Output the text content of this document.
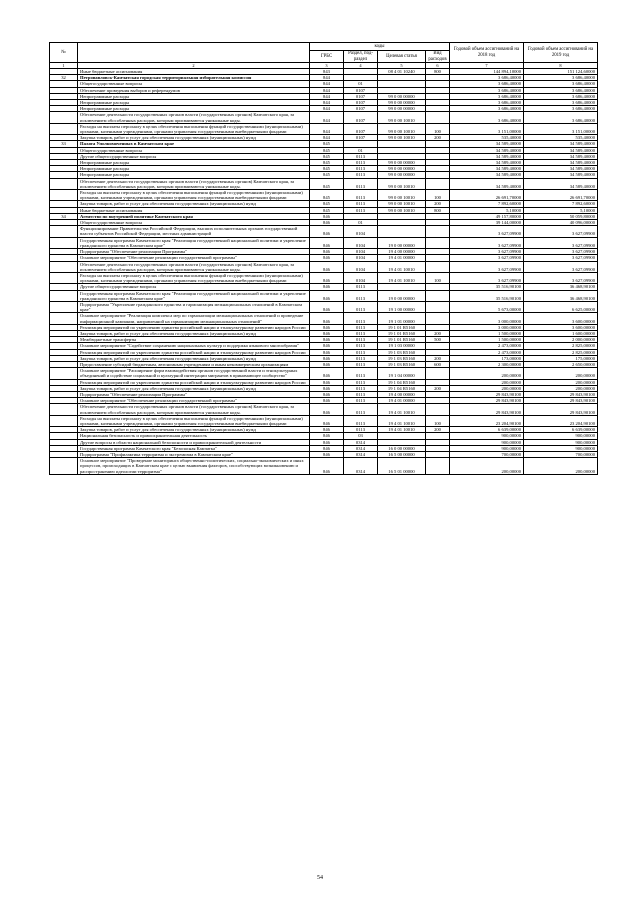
№		коды				Годовой объем ассигнований на 2018 год	Годовой объем ассигнований на 2019 год
		ГРБС	Раздел, под-раздел	Целевая статья	Вид расходов		
1	2	3	4	5	6	7	8
	Иные бюджетные ассигнования	843		08 4 01 10240	800	144 894,10000	151 124,60000
32	Петропавловск-Камчатская городская территориальная избирательная комиссия	844				3 686,40000	3 686,40000
	Общегосударственные вопросы	844	01			3 686,40000	3 686,40000
	Обеспечение проведения выборов и референдумов	844	0107			3 686,40000	3 686,40000
	Непрограммные расходы	844	0107	99 0 00 00000		3 686,40000	3 686,40000
	Непрограммные расходы	844	0107	99 0 00 00000		3 686,40000	3 686,40000
	Непрограммные расходы	844	0107	99 0 00 00000		3 686,40000	3 686,40000
	Обеспечение деятельности государственных органов власти (государственных органов) Камчатского края, за исключением обособленных расходов, которым присваиваются уникальные коды.	844	0107	99 0 00 10010		3 686,40000	3 686,40000
	Расходы на выплаты персоналу в целях обеспечения выполнения функций государственными (муниципальными) органами, казенными учреждениями, органами управления государственными внебюджетными фондами	844	0107	99 0 00 10010	100	3 151,00000	3 151,00000
	Закупка товаров, работ и услуг для обеспечения государственных (муниципальных) нужд	844	0107	99 0 00 10010	200	535,40000	535,40000
33	Палата Уполномоченных в Камчатском крае	845				34 589,40000	34 589,40000
	Общегосударственные вопросы	845	01			34 589,40000	34 589,40000
	Другие общегосударственные вопросы	845	0113			34 589,40000	34 589,40000
	Непрограммные расходы	845	0113	99 0 00 00000		34 589,40000	34 589,40000
	Непрограммные расходы	845	0113	99 0 00 00000		34 589,40000	34 589,40000
	Непрограммные расходы	845	0113	99 0 00 00000		34 589,40000	34 589,40000
	Обеспечение деятельности государственных органов власти (государственных органов) Камчатского края, за исключением обособленных расходов, которым присваиваются уникальные коды.	845	0113	99 0 00 10010		34 589,40000	34 589,40000
	Расходы на выплаты персоналу в целях обеспечения выполнения функций государственными (муниципальными) органами, казенными учреждениями, органами управления государственными внебюджетными фондами	845	0113	99 0 00 10010	100	26 691,70000	26 691,70000
	Закупка товаров, работ и услуг для обеспечения государственных (муниципальных) нужд	845	0113	99 0 00 10010	200	7 892,60000	7 892,60000
	Иные бюджетные ассигнования	845	0113	99 0 00 10010	800	5,10000	5,10000
34	Агентство по внутренней политике Камчатского края	846				49 157,80000	50 059,80000
	Общегосударственные вопросы	846	01			39 144,00000	40 096,00000
	Функционирование Правительства Российской Федерации, высших исполнительных органов государственной власти субъектов Российской Федерации, местных администраций	846	0104			3 627,09900	3 627,09900
	Государственная программа Камчатского края "Реализация государственной национальной политики и укрепление гражданского единства в Камчатском крае"	846	0104	19 0 00 00000		3 627,09900	3 627,09900
	Подпрограмма "Обеспечение реализации Программы"	846	0104	19 4 00 00000		3 627,09900	3 627,09900
	Основное мероприятие "Обеспечение реализации государственной программы"	846	0104	19 4 01 00000		3 627,09900	3 627,09900
	Обеспечение деятельности государственных органов власти (государственных органов) Камчатского края, за исключением обособленных расходов, которым присваиваются уникальные коды.	846	0104	19 4 01 10010		3 627,09900	3 627,09900
	Расходы на выплаты персоналу в целях обеспечения выполнения функций государственными (муниципальными) органами, казенными учреждениями, органами управления государственными внебюджетными фондами	846	0104	19 4 01 10010	100	3 627,09900	3 627,09900
	Другие общегосударственные вопросы	846	0113			35 516,90100	36 468,90100
	Государственная программа Камчатского края "Реализация государственной национальной политики и укрепление гражданского единства в Камчатском крае"	846	0113	19 0 00 00000		35 516,90100	36 468,90100
	Подпрограмма "Укрепление гражданского единства и гармонизация межнациональных отношений в Камчатском крае"	846	0113	19 1 00 00000		5 673,00000	6 625,00000
	Основное мероприятие "Реализация комплекса мер по гармонизации межнациональных отношений и проведение информационной кампании, направленной на гармонизацию межнациональных отношений"	846	0113	19 1 01 00000		3 000,00000	3 600,00000
	Реализация мероприятий по укреплению единства российской нации и этнокультурному развитию народов России	846	0113	19 1 01 R5160		3 000,00000	3 600,00000
	Закупка товаров, работ и услуг для обеспечения государственных (муниципальных) нужд	846	0113	19 1 01 R5160	200	1 500,00000	1 600,00000
	Межбюджетные трансферты	846	0113	19 1 01 R5160	500	1 500,00000	2 000,00000
	Основное мероприятие "Содействие сохранению национальных культур и поддержка языкового многообразия"	846	0113	19 1 03 00000		2 473,00000	2 825,00000
	Реализация мероприятий по укреплению единства российской нации и этнокультурному развитию народов России	846	0113	19 1 03 R5160		2 473,00000	2 825,00000
	Закупка товаров, работ и услуг для обеспечения государственных (муниципальных) нужд	846	0113	19 1 03 R5160	200	173,00000	175,00000
	Предоставление субсидий бюджетным, автономным учреждениям и иным некоммерческим организациям	846	0113	19 1 03 R5160	600	2 300,00000	2 650,00000
	Основное мероприятие "Расширение форм взаимодействия органов государственной власти и этнокультурных объединений и содействие социальной и культурной интеграции мигрантов в принимающее сообщество"	846	0113	19 1 04 00000		200,00000	200,00000
	Реализация мероприятий по укреплению единства российской нации и этнокультурному развитию народов России	846	0113	19 1 04 R5160		200,00000	200,00000
	Закупка товаров, работ и услуг для обеспечения государственных (муниципальных) нужд	846	0113	19 1 04 R5160	200	200,00000	200,00000
	Подпрограмма "Обеспечение реализации Программы"	846	0113	19 4 00 00000		29 843,90100	29 843,90100
	Основное мероприятие "Обеспечение реализации государственной программы"	846	0113	19 4 01 00000		29 843,90100	29 843,90100
	Обеспечение деятельности государственных органов власти (государственных органов) Камчатского края, за исключением обособленных расходов, которым присваиваются уникальные коды.	846	0113	19 4 01 10010		29 843,90100	29 843,90100
	Расходы на выплаты персоналу в целях обеспечения выполнения функций государственными (муниципальными) органами, казенными учреждениями, органами управления государственными внебюджетными фондами	846	0113	19 4 01 10010	100	23 204,90100	23 204,90100
	Закупка товаров, работ и услуг для обеспечения государственных (муниципальных) нужд	846	0113	19 4 01 10010	200	6 639,00000	6 639,00000
	Национальная безопасность и правоохранительная деятельность	846	03			900,00000	900,00000
	Другие вопросы в области национальной безопасности и правоохранительной деятельности	846	0314			900,00000	900,00000
	Государственная программа Камчатского края "Безопасная Камчатка"	846	0314	16 0 00 00000		900,00000	900,00000
	Подпрограмма "Профилактика терроризма и экстремизма в Камчатском крае"	846	0314	16 5 00 00000		700,00000	700,00000
	Основное мероприятие "Проведение мониторинга общественно-политических, социально-экономических и иных процессов, происходящих в Камчатском крае с целью выявления факторов, способствующих возникновению и распространению идеологии терроризма"	846	0314	16 5 01 00000		200,00000	200,00000
54
